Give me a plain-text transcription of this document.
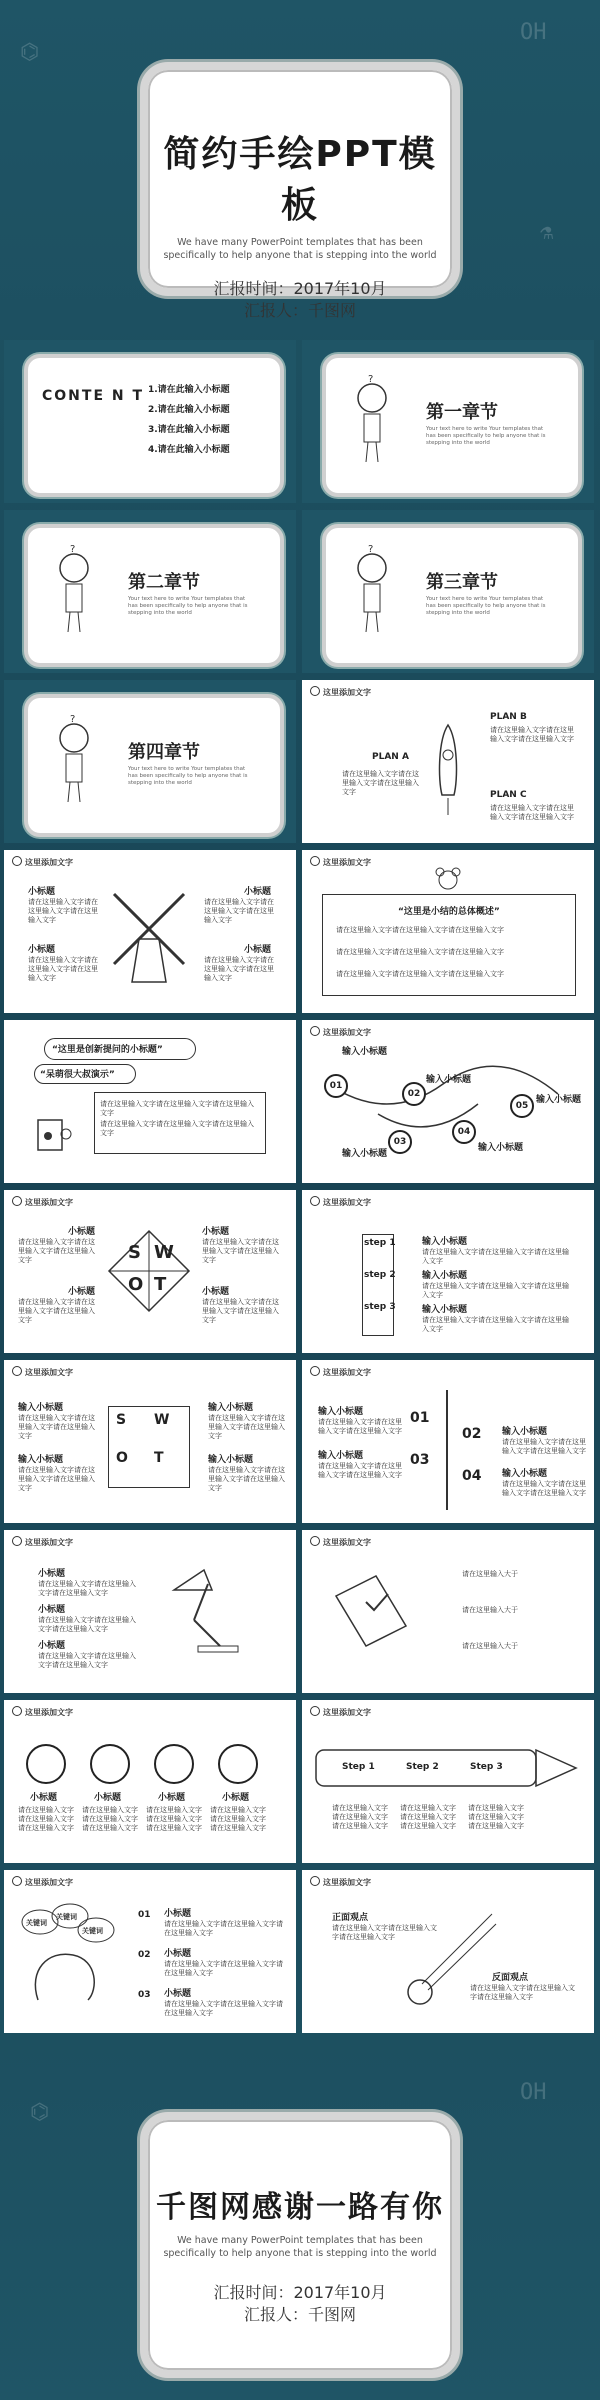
⌬
OH
⚗
⌬
OH
简约手绘PPT模板
We have many PowerPoint templates that has been specifically to help anyone that is stepping into the world
汇报时间：2017年10月
汇报人：千图网
CONTE N T 1.请在此输入小标题
2.请在此输入小标题
3.请在此输入小标题
4.请在此输入小标题
?
第一章节
Your text here to write Your templates that has been specifically to help anyone that is stepping into the world
?
第二章节
Your text here to write Your templates that has been specifically to help anyone that is stepping into the world
?
第三章节
Your text here to write Your templates that has been specifically to help anyone that is stepping into the world
?
第四章节
Your text here to write Your templates that has been specifically to help anyone that is stepping into the world
这里添加文字
PLAN A
PLAN B
PLAN C
请在这里输入文字请在这里输入文字请在这里输入文字
请在这里输入文字请在这里输入文字请在这里输入文字
请在这里输入文字请在这里输入文字请在这里输入文字
这里添加文字
小标题
请在这里输入文字请在这里输入文字请在这里输入文字
小标题
请在这里输入文字请在这里输入文字请在这里输入文字
小标题
请在这里输入文字请在这里输入文字请在这里输入文字
小标题
请在这里输入文字请在这里输入文字请在这里输入文字
这里添加文字
“这里是小结的总体概述”
请在这里输入文字请在这里输入文字请在这里输入文字
请在这里输入文字请在这里输入文字请在这里输入文字
请在这里输入文字请在这里输入文字请在这里输入文字
“这里是创新提问的小标题”
“呆萌很大叔演示”
请在这里输入文字请在这里输入文字请在这里输入文字
请在这里输入文字请在这里输入文字请在这里输入文字
这里添加文字
01
02
03
04
05
输入小标题
输入小标题
输入小标题
输入小标题
输入小标题
这里添加文字
S W
O T
小标题
请在这里输入文字请在这里输入文字请在这里输入文字
小标题
请在这里输入文字请在这里输入文字请在这里输入文字
小标题
请在这里输入文字请在这里输入文字请在这里输入文字
小标题
请在这里输入文字请在这里输入文字请在这里输入文字
这里添加文字
step 1
step 2
step 3
输入小标题
请在这里输入文字请在这里输入文字请在这里输入文字
输入小标题
请在这里输入文字请在这里输入文字请在这里输入文字
输入小标题
请在这里输入文字请在这里输入文字请在这里输入文字
这里添加文字
S W
O T
输入小标题
请在这里输入文字请在这里输入文字请在这里输入文字
输入小标题
请在这里输入文字请在这里输入文字请在这里输入文字
输入小标题
请在这里输入文字请在这里输入文字请在这里输入文字
输入小标题
请在这里输入文字请在这里输入文字请在这里输入文字
这里添加文字
01
03
02
04
输入小标题
请在这里输入文字请在这里输入文字请在这里输入文字
输入小标题
请在这里输入文字请在这里输入文字请在这里输入文字
输入小标题
请在这里输入文字请在这里输入文字请在这里输入文字
输入小标题
请在这里输入文字请在这里输入文字请在这里输入文字
这里添加文字
小标题
请在这里输入文字请在这里输入文字请在这里输入文字
小标题
请在这里输入文字请在这里输入文字请在这里输入文字
小标题
请在这里输入文字请在这里输入文字请在这里输入文字
这里添加文字
请在这里输入大于
请在这里输入大于
请在这里输入大于
这里添加文字
小标题	小标题	小标题	小标题
请在这里输入文字请在这里输入文字请在这里输入文字
请在这里输入文字请在这里输入文字请在这里输入文字
请在这里输入文字请在这里输入文字请在这里输入文字
请在这里输入文字请在这里输入文字请在这里输入文字
这里添加文字
Step 1	Step 2	Step 3
请在这里输入文字请在这里输入文字请在这里输入文字
请在这里输入文字请在这里输入文字请在这里输入文字
请在这里输入文字请在这里输入文字请在这里输入文字
这里添加文字
关键词
关键词
关键词
01
02
03
小标题
请在这里输入文字请在这里输入文字请在这里输入文字
小标题
请在这里输入文字请在这里输入文字请在这里输入文字
小标题
请在这里输入文字请在这里输入文字请在这里输入文字
这里添加文字
正面观点
请在这里输入文字请在这里输入文字请在这里输入文字
反面观点
请在这里输入文字请在这里输入文字请在这里输入文字
千图网感谢一路有你
We have many PowerPoint templates that has been specifically to help anyone that is stepping into the world
汇报时间：2017年10月
汇报人：千图网
